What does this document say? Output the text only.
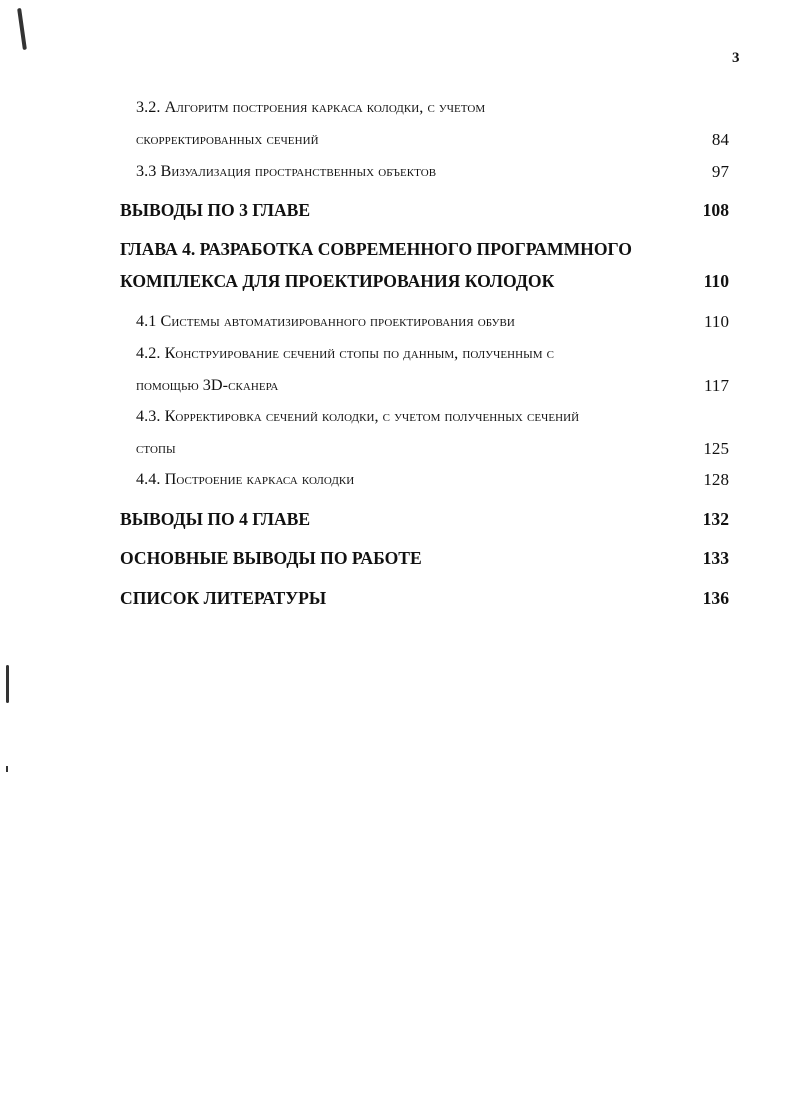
3
3.2. Алгоритм построения каркаса колодки, с учетом
скорректированных сечений	84
3.3 Визуализация пространственных объектов	97
ВЫВОДЫ ПО 3 ГЛАВЕ	108
ГЛАВА 4. РАЗРАБОТКА СОВРЕМЕННОГО ПРОГРАММНОГО
КОМПЛЕКСА ДЛЯ ПРОЕКТИРОВАНИЯ КОЛОДОК	110
4.1 Системы автоматизированного проектирования обуви	110
4.2. Конструирование сечений стопы по данным, полученным с
помощью 3D-сканера	117
4.3. Корректировка сечений колодки, с учетом полученных сечений
стопы	125
4.4. Построение каркаса колодки	128
ВЫВОДЫ ПО 4 ГЛАВЕ	132
ОСНОВНЫЕ ВЫВОДЫ ПО РАБОТЕ	133
СПИСОК ЛИТЕРАТУРЫ	136
